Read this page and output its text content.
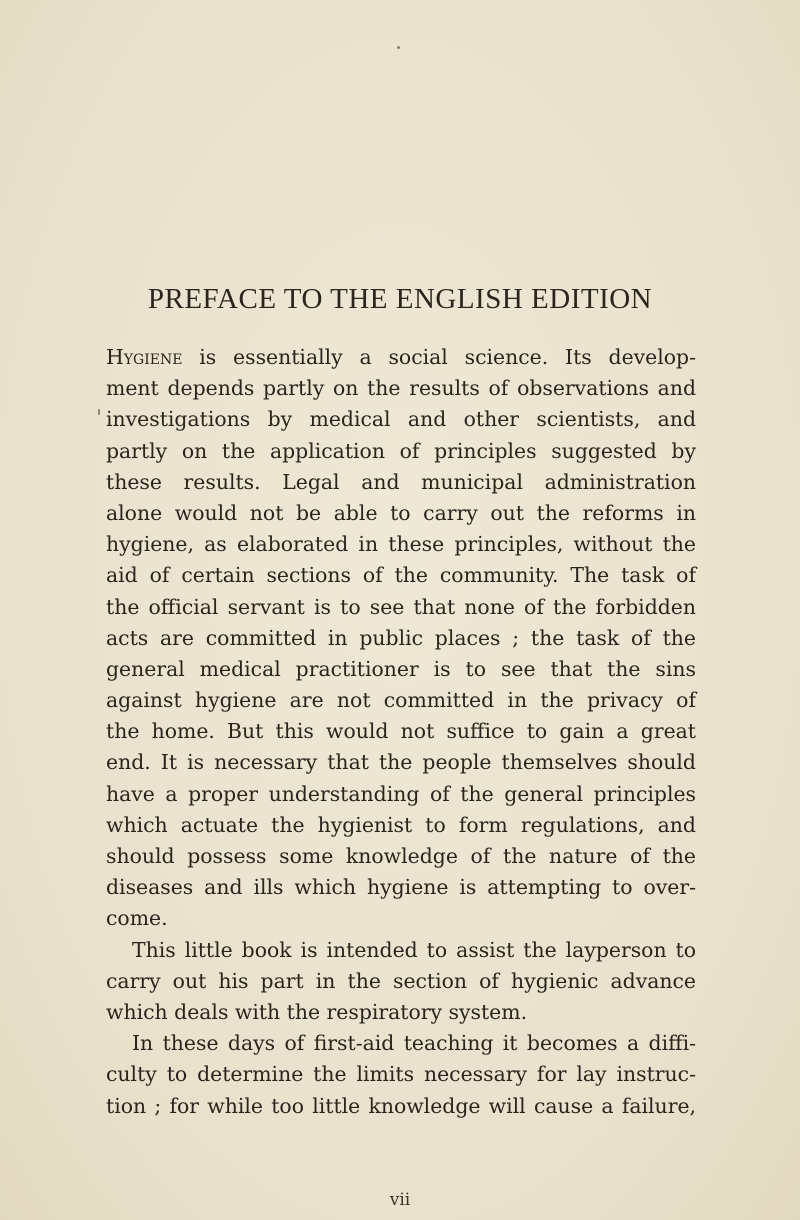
PREFACE TO THE ENGLISH EDITION
Hygiene is essentially a social science. Its develop-
ment depends partly on the results of observations and
investigations by medical and other scientists, and
partly on the application of principles suggested by
these results. Legal and municipal administration
alone would not be able to carry out the reforms in
hygiene, as elaborated in these principles, without the
aid of certain sections of the community. The task of
the official servant is to see that none of the forbidden
acts are committed in public places ; the task of the
general medical practitioner is to see that the sins
against hygiene are not committed in the privacy of
the home. But this would not suffice to gain a great
end. It is necessary that the people themselves should
have a proper understanding of the general principles
which actuate the hygienist to form regulations, and
should possess some knowledge of the nature of the
diseases and ills which hygiene is attempting to over-
come.
This little book is intended to assist the layperson to
carry out his part in the section of hygienic advance
which deals with the respiratory system.
In these days of first-aid teaching it becomes a diffi-
culty to determine the limits necessary for lay instruc-
tion ; for while too little knowledge will cause a failure,
vii
